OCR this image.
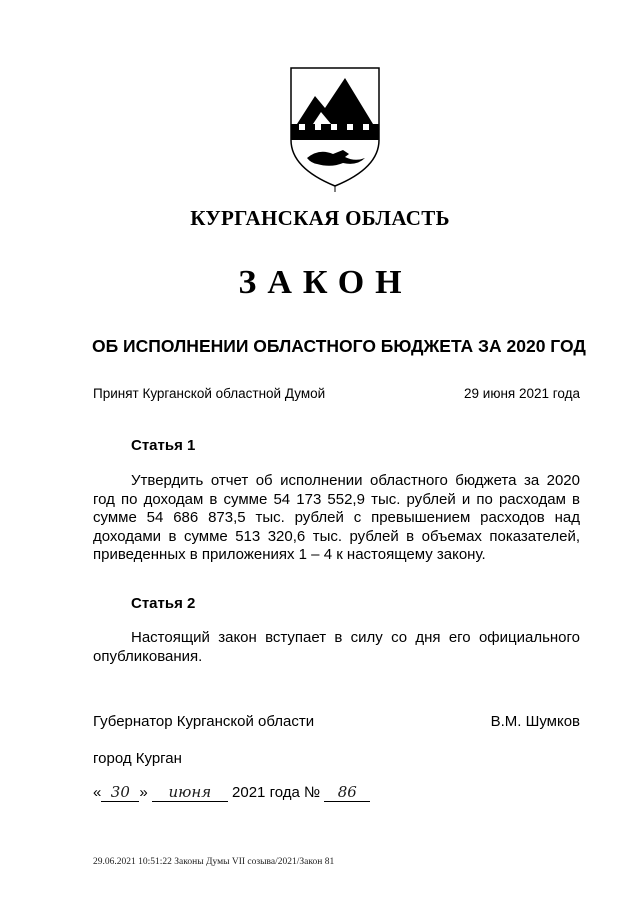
КУРГАНСКАЯ ОБЛАСТЬ
ЗАКОН
ОБ ИСПОЛНЕНИИ ОБЛАСТНОГО БЮДЖЕТА ЗА 2020 ГОД
Принят Курганской областной Думой	29 июня 2021 года
Статья 1
Утвердить отчет об исполнении областного бюджета за 2020 год по доходам в сумме 54 173 552,9 тыс. рублей и по расходам в сумме 54 686 873,5 тыс. рублей с превышением расходов над доходами в сумме 513 320,6 тыс. рублей в объемах показателей, приведенных в приложениях 1 – 4 к настоящему закону.
Статья 2
Настоящий закон вступает в силу со дня его официального опубликования.
Губернатор Курганской области	В.М. Шумков
город Курган
« 30 » июня 2021 года № 86
29.06.2021 10:51:22 Законы Думы VII созыва/2021/Закон 81
